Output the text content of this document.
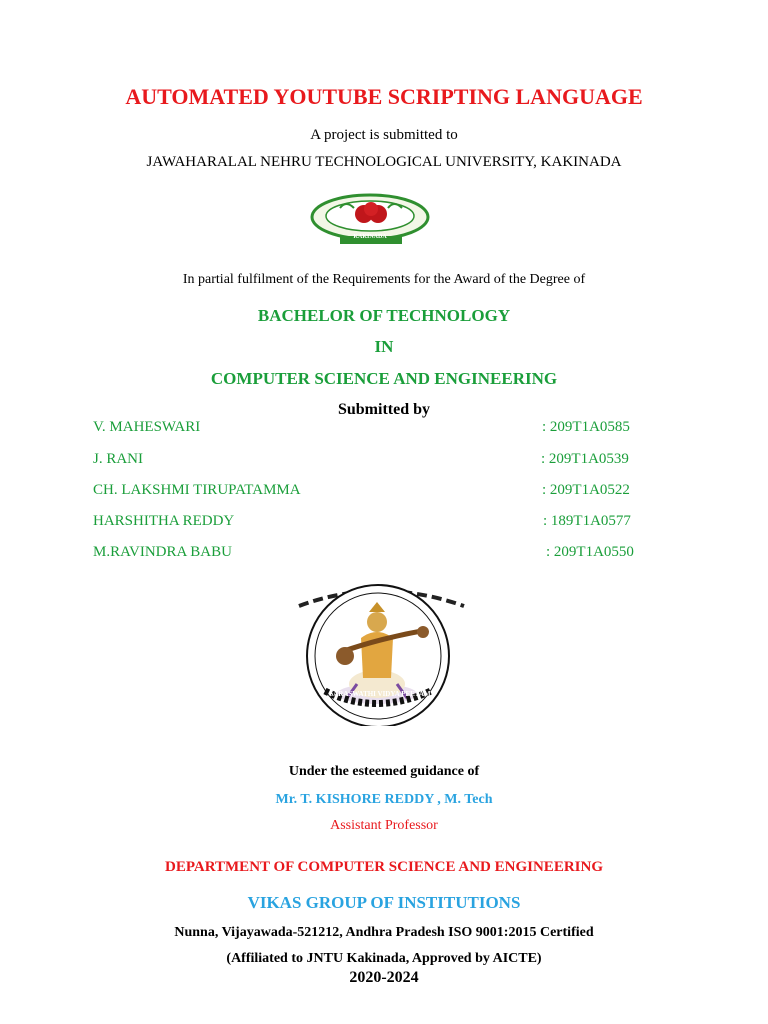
AUTOMATED YOUTUBE SCRIPTING LANGUAGE
A project is submitted to
JAWAHARALAL NEHRU TECHNOLOGICAL UNIVERSITY, KAKINADA
KAKINADA
In partial fulfilment of the Requirements for the Award of the Degree of
BACHELOR OF TECHNOLOGY
IN
COMPUTER SCIENCE AND ENGINEERING
Submitted by
V. MAHESWARI	: 209T1A0585
J. RANI	: 209T1A0539
CH. LAKSHMI TIRUPATAMMA	: 209T1A0522
HARSHITHA REDDY	: 189T1A0577
M.RAVINDRA BABU	: 209T1A0550
SARASWATHI VIDYA PEETAM
Under the esteemed guidance of
Mr. T. KISHORE REDDY , M. Tech
Assistant Professor
DEPARTMENT OF COMPUTER SCIENCE AND ENGINEERING
VIKAS GROUP OF INSTITUTIONS
Nunna, Vijayawada-521212, Andhra Pradesh ISO 9001:2015 Certified
(Affiliated to JNTU Kakinada, Approved by AICTE)
2020-2024
